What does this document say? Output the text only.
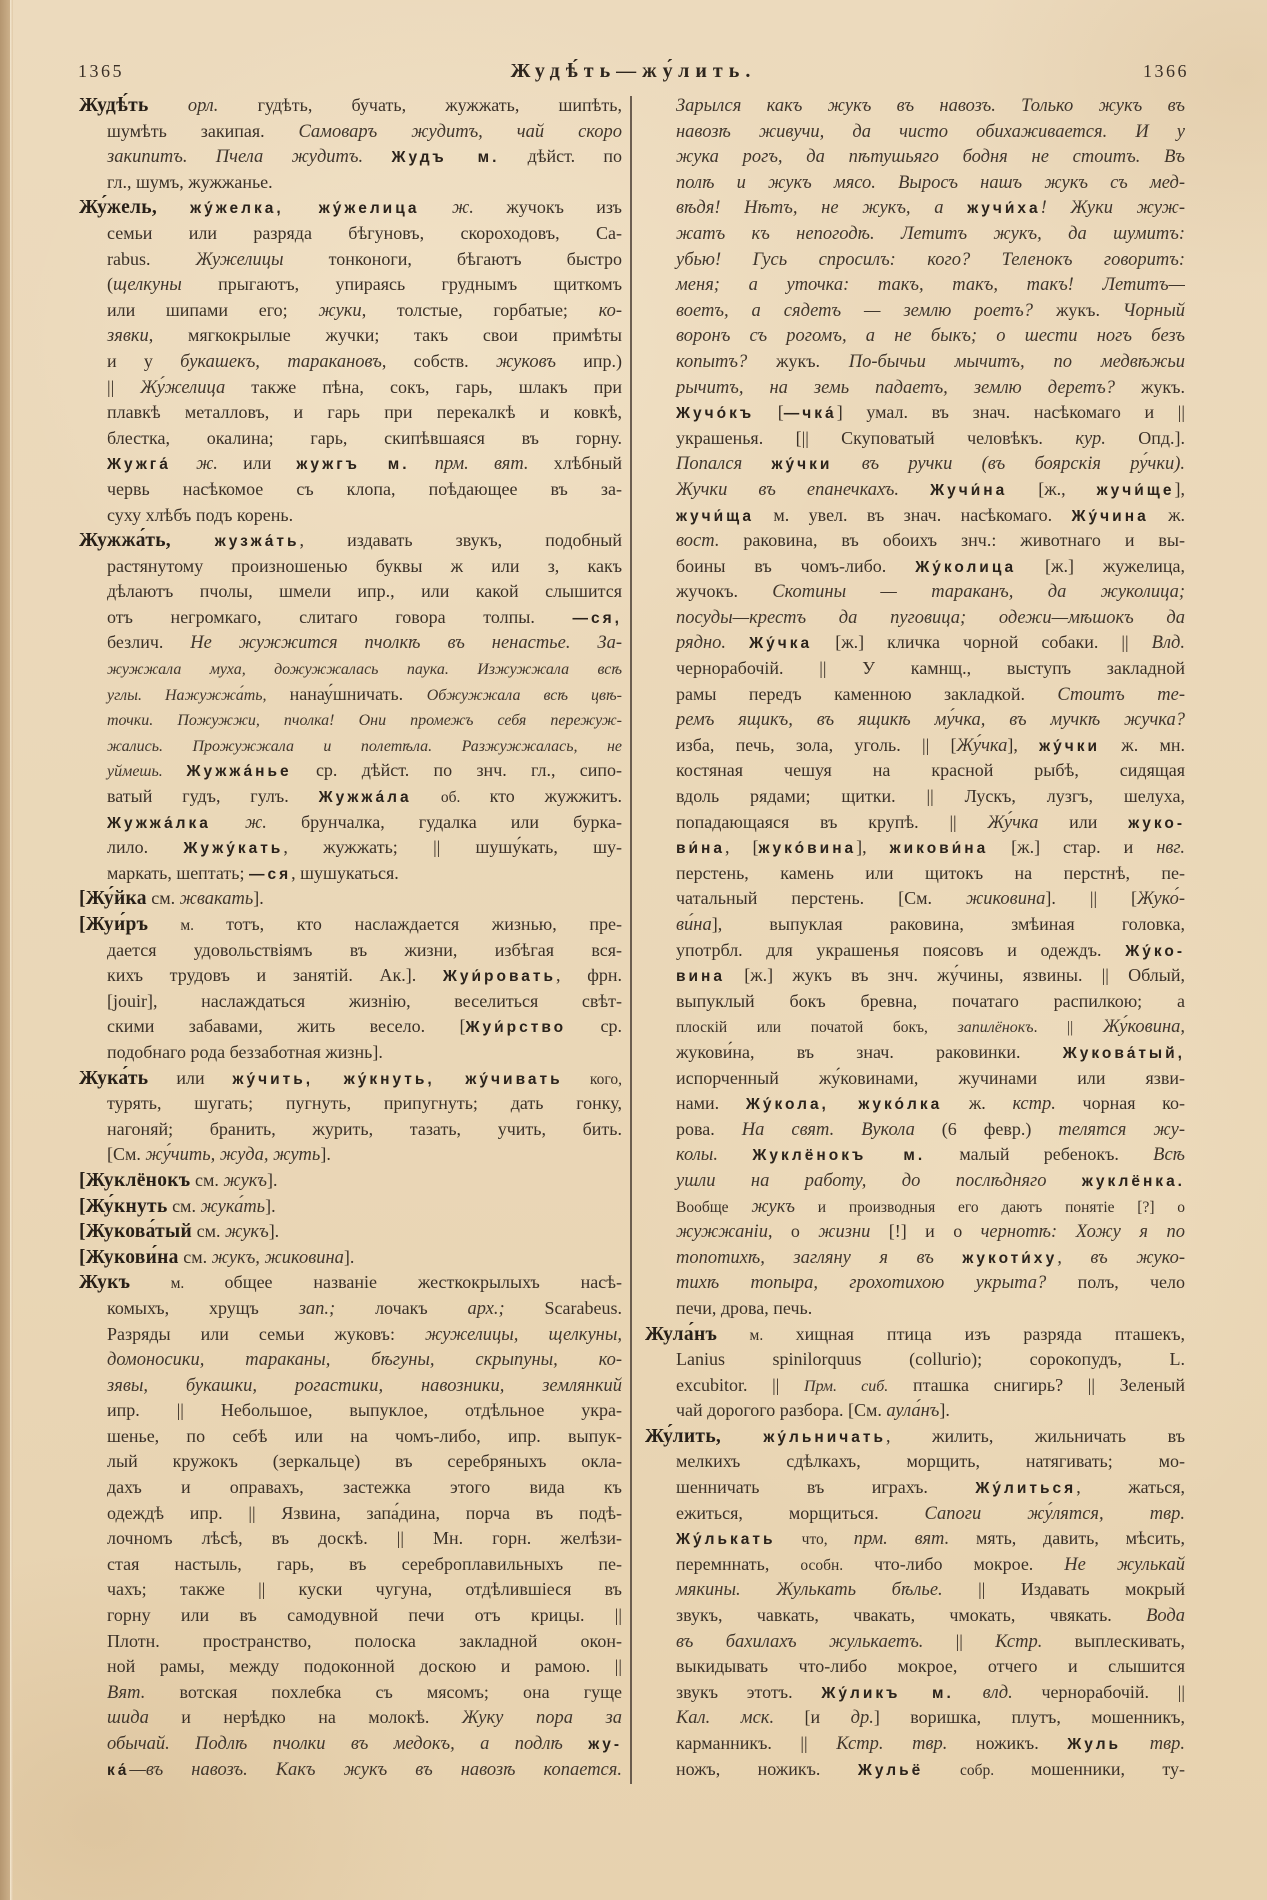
1365	Жудѣ́ть—жу́лить.	1366
Жудѣ́ть орл. гудѣть, бучать, жужжать, шипѣть,
шумѣть закипая. Самоваръ жудитъ, чай скоро
закипитъ. Пчела жудитъ. Жудъ м. дѣйст. по
гл., шумъ, жужжанье.
Жу́жель, жу́желка, жу́желица ж. жучокъ изъ
семьи или разряда бѣгуновъ, скороходовъ, Ca-
rabus. Жужелицы тонконоги, бѣгаютъ быстро
(щелкуны прыгаютъ, упираясь груднымъ щиткомъ
или шипами его; жуки, толстые, горбатые; ко-
зявки, мягкокрылые жучки; такъ свои примѣты
и у букашекъ, таракановъ, собств. жуковъ ипр.)
|| Жу́желица также пѣна, сокъ, гарь, шлакъ при
плавкѣ металловъ, и гарь при перекалкѣ и ковкѣ,
блестка, окалина; гарь, скипѣвшаяся въ горну.
Жужга́ ж. или жужгъ м. прм. вят. хлѣбный
червь насѣкомое съ клопа, поѣдающее въ за-
суху хлѣбъ подъ корень.
Жужжа́ть, жузжа́ть, издавать звукъ, подобный
растянутому произношенью буквы ж или з, какъ
дѣлаютъ пчолы, шмели ипр., или какой слышится
отъ негромкаго, слитаго говора толпы. —ся,
безлич. Не жужжится пчолкѣ въ ненастье. За-
жужжала муха, дожужжалась паука. Изжужжала всѣ
углы. Нажужжа́ть, нанау́шничать. Обжужжала всѣ цвѣ-
точки. Пожужжи, пчолка! Они промежъ себя пережуж-
жались. Прожужжала и полетѣла. Разжужжалась, не
уймешь. Жужжа́нье ср. дѣйст. по знч. гл., сипо-
ватый гудъ, гулъ. Жужжа́ла об. кто жужжитъ.
Жужжа́лка ж. брунчалка, гудалка или бурка-
лило. Жужу́кать, жужжать; || шушу́кать, шу-
маркать, шептать; —ся, шушукаться.
[Жу́йка см. жвакать].
[Жуи́ръ м. тотъ, кто наслаждается жизнью, пре-
дается удовольствіямъ въ жизни, избѣгая вся-
кихъ трудовъ и занятій. Ак.]. Жуи́ровать, фрн.
[jouir], наслаждаться жизнію, веселиться свѣт-
скими забавами, жить весело. [Жуи́рство ср.
подобнаго рода беззаботная жизнь].
Жука́ть или жу́чить, жу́кнуть, жу́чивать кого,
турять, шугать; пугнуть, припугнуть; дать гонку,
нагоняй; бранить, журить, тазать, учить, бить.
[См. жу́чить, жуда, жуть].
[Жуклёнокъ см. жукъ].
[Жу́кнуть см. жука́ть].
[Жукова́тый см. жукъ].
[Жукови́на см. жукъ, жиковина].
Жукъ м. общее названіе жесткокрылыхъ насѣ-
комыхъ, хрущъ зап.; лочакъ арх.; Scarabeus.
Разряды или семьи жуковъ: жужелицы, щелкуны,
домоносики, тараканы, бѣгуны, скрыпуны, ко-
зявы, букашки, рогастики, навозники, землянкий
ипр. || Небольшое, выпуклое, отдѣльное укра-
шенье, по себѣ или на чомъ-либо, ипр. выпук-
лый кружокъ (зеркальце) въ серебряныхъ окла-
дахъ и оправахъ, застежка этого вида къ
одеждѣ ипр. || Язвина, запа́дина, порча въ подѣ-
лочномъ лѣсѣ, въ доскѣ. || Мн. горн. желѣзи-
стая настыль, гарь, въ сереброплавильныхъ пе-
чахъ; также || куски чугуна, отдѣлившіеся въ
горну или въ самодувной печи отъ крицы. ||
Плотн. пространство, полоска закладной окон-
ной рамы, между подоконной доскою и рамою. ||
Вят. вотская похлебка съ мясомъ; она гуще
шида и нерѣдко на молокѣ. Жуку пора за
обычай. Подлѣ пчолки въ медокъ, а подлѣ жу-
ка́—въ навозъ. Какъ жукъ въ навозѣ копается.
Зарылся какъ жукъ въ навозъ. Только жукъ въ
навозѣ живучи, да чисто обихаживается. И у
жука рогъ, да пѣтушьяго бодня не стоитъ. Въ
полѣ и жукъ мясо. Выросъ нашъ жукъ съ мед-
вѣдя! Нѣтъ, не жукъ, а жучи́ха! Жуки жуж-
жатъ къ непогодѣ. Летитъ жукъ, да шумитъ:
убью! Гусь спросилъ: кого? Теленокъ говоритъ:
меня; а уточка: такъ, такъ, такъ! Летитъ—
воетъ, а сядетъ — землю роетъ? жукъ. Чорный
воронъ съ рогомъ, а не быкъ; о шести ногъ безъ
копытъ? жукъ. По-бычьи мычитъ, по медвѣжьи
рычитъ, на земь падаетъ, землю деретъ? жукъ.
Жучо́къ [—чка́] умал. въ знач. насѣкомаго и ||
украшенья. [|| Скуповатый человѣкъ. кур. Опд.].
Попался жу́чки въ ручки (въ боярскія ру́чки).
Жучки въ епанечкахъ. Жучи́на [ж., жучи́ще],
жучи́ща м. увел. въ знач. насѣкомаго. Жу́чина ж.
вост. раковина, въ обоихъ знч.: животнаго и вы-
боины въ чомъ-либо. Жу́колица [ж.] жужелица,
жучокъ. Скотины — тараканъ, да жуколица;
посуды—крестъ да пуговица; одежи—мѣшокъ да
рядно. Жу́чка [ж.] кличка чорной собаки. || Влд.
чернорабочій. || У камнщ., выступъ закладной
рамы передъ каменною закладкой. Стоитъ те-
ремъ ящикъ, въ ящикѣ му́чка, въ мучкѣ жучка?
изба, печь, зола, уголь. || [Жу́чка], жу́чки ж. мн.
костяная чешуя на красной рыбѣ, сидящая
вдоль рядами; щитки. || Лускъ, лузгъ, шелуха,
попадающаяся въ крупѣ. || Жу́чка или жуко-
ви́на, [жуко́вина], жикови́на [ж.] стар. и нвг.
перстень, камень или щитокъ на перстнѣ, пе-
чатальный перстень. [См. жиковина]. || [Жуко́-
ви́на], выпуклая раковина, змѣиная головка,
употрбл. для украшенья поясовъ и одеждъ. Жу́ко-
вина [ж.] жукъ въ знч. жу́чины, язвины. || Облый,
выпуклый бокъ бревна, початаго распилкою; а
плоскій или початой бокъ, запилёнокъ. || Жу́ковина,
жукови́на, въ знач. раковинки. Жукова́тый,
испорченный жу́ковинами, жучинами или язви-
нами. Жу́кола, жуко́лка ж. кстр. чорная ко-
рова. На свят. Вукола (6 февр.) телятся жу-
колы. Жуклёнокъ м. малый ребенокъ. Всѣ
ушли на работу, до послѣдняго жуклёнка.
Вообще жукъ и производныя его даютъ понятіе [?] о
жужжаніи, о жизни [!] и о чернотѣ: Хожу я по
топотихѣ, загляну я въ жукоти́ху, въ жуко-
тихѣ топыра, грохотихою укрыта? полъ, чело
печи, дрова, печь.
Жула́нъ м. хищная птица изъ разряда пташекъ,
Lanius spinilorquus (collurio); сорокопудъ, L.
excubitor. || Прм. сиб. пташка снигирь? || Зеленый
чай дорогого разбора. [См. аула́нъ].
Жу́лить, жу́льничать, жилить, жильничать въ
мелкихъ сдѣлкахъ, морщить, натягивать; мо-
шенничать въ играхъ. Жу́литься, жаться,
ежиться, морщиться. Сапоги жу́лятся, твр.
Жу́лькать что, прм. вят. мять, давить, мѣсить,
перемннать, особн. что-либо мокрое. Не жулькай
мякины. Жулькать бѣлье. || Издавать мокрый
звукъ, чавкать, чвакать, чмокать, чвякать. Вода
въ бахилахъ жулькаетъ. || Кстр. выплескивать,
выкидывать что-либо мокрое, отчего и слышится
звукъ этотъ. Жу́ликъ м. влд. чернорабочій. ||
Кал. мск. [и др.] воришка, плутъ, мошенникъ,
карманникъ. || Кстр. твр. ножикъ. Жуль твр.
ножъ, ножикъ. Жульё собр. мошенники, ту-
